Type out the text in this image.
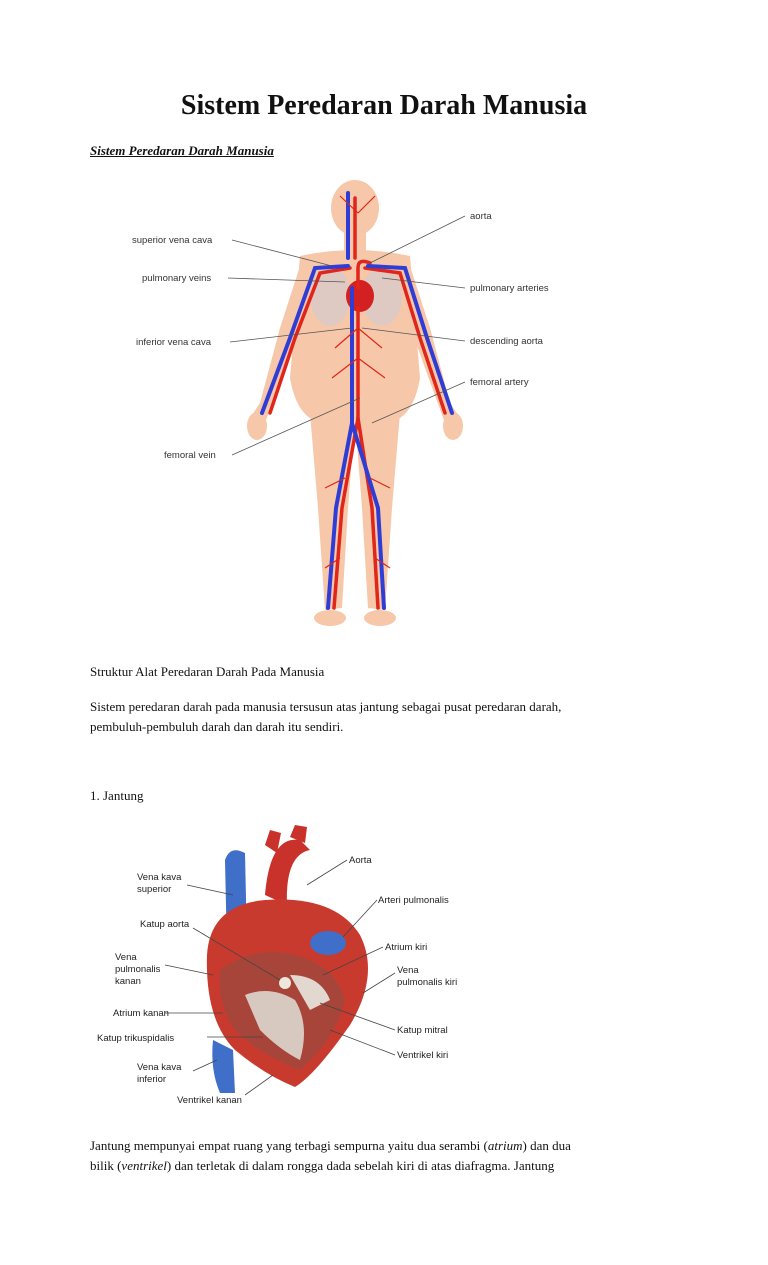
Sistem Peredaran Darah Manusia
Sistem Peredaran Darah Manusia
superior vena cava
pulmonary veins
inferior vena cava
femoral vein
aorta
pulmonary arteries
descending aorta
femoral artery
Struktur Alat Peredaran Darah Pada Manusia
Sistem peredaran darah pada manusia tersusun atas jantung sebagai pusat peredaran darah,
pembuluh-pembuluh darah dan darah itu sendiri.
1. Jantung
Vena kava
superior
Katup aorta
Vena
pulmonalis
kanan
Atrium kanan
Katup trikuspidalis
Vena kava
inferior
Ventrikel kanan
Aorta
Arteri pulmonalis
Atrium kiri
Vena
pulmonalis kiri
Katup mitral
Ventrikel kiri
Jantung mempunyai empat ruang yang terbagi sempurna yaitu dua serambi (atrium) dan dua
bilik (ventrikel) dan terletak di dalam rongga dada sebelah kiri di atas diafragma. Jantung
